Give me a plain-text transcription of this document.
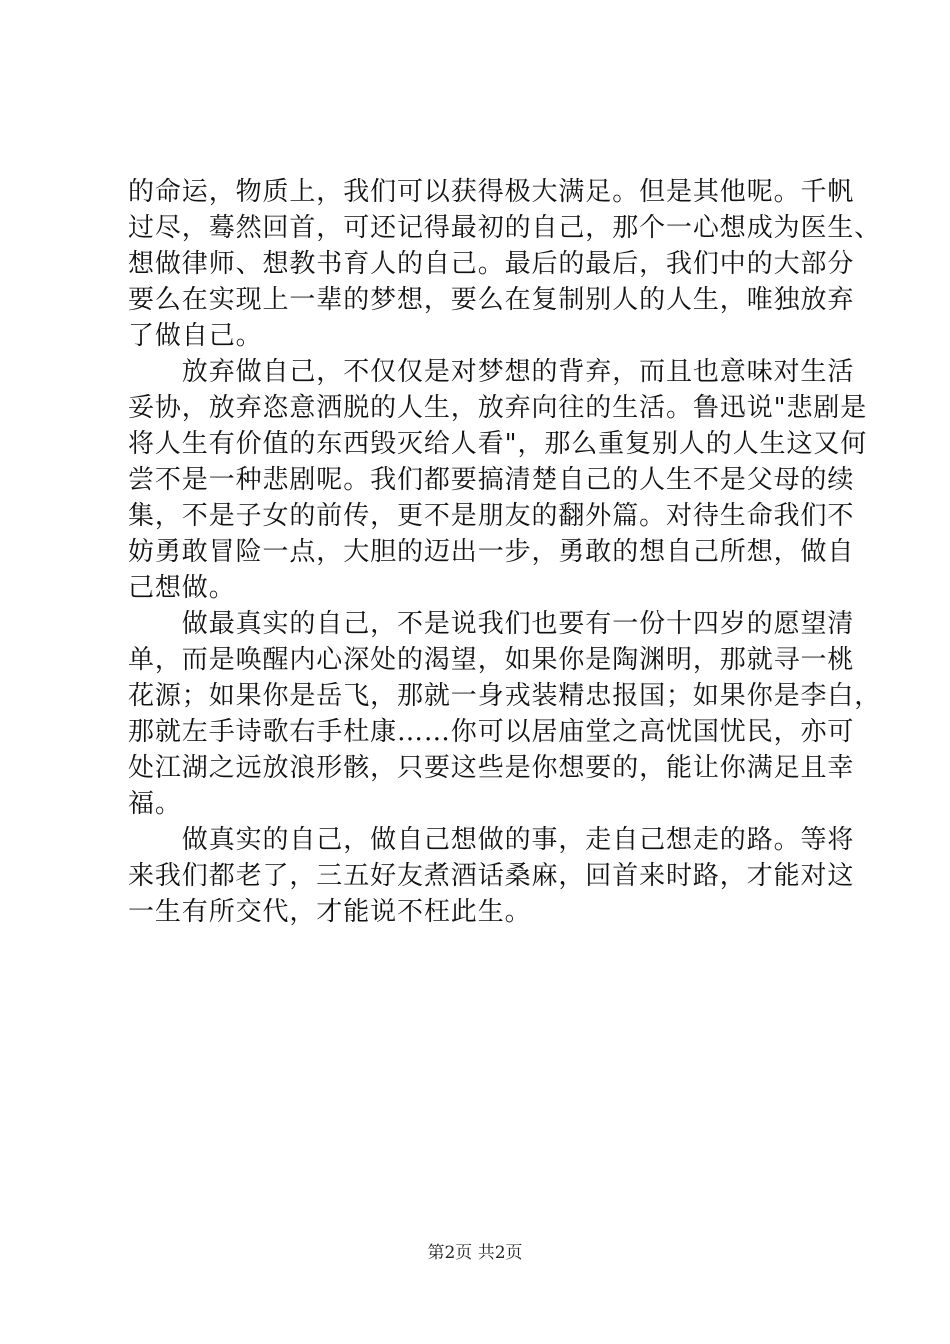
的命运，物质上，我们可以获得极大满足。但是其他呢。千帆
过尽，蓦然回首，可还记得最初的自己，那个一心想成为医生、
想做律师、想教书育人的自己。最后的最后，我们中的大部分
要么在实现上一辈的梦想，要么在复制别人的人生，唯独放弃
了做自己。
　　放弃做自己，不仅仅是对梦想的背弃，而且也意味对生活
妥协，放弃恣意洒脱的人生，放弃向往的生活。鲁迅说"悲剧是
将人生有价值的东西毁灭给人看"，那么重复别人的人生这又何
尝不是一种悲剧呢。我们都要搞清楚自己的人生不是父母的续
集，不是子女的前传，更不是朋友的翻外篇。对待生命我们不
妨勇敢冒险一点，大胆的迈出一步，勇敢的想自己所想，做自
己想做。
　　做最真实的自己，不是说我们也要有一份十四岁的愿望清
单，而是唤醒内心深处的渴望，如果你是陶渊明，那就寻一桃
花源；如果你是岳飞，那就一身戎装精忠报国；如果你是李白，
那就左手诗歌右手杜康……你可以居庙堂之高忧国忧民，亦可
处江湖之远放浪形骸，只要这些是你想要的，能让你满足且幸
福。
　　做真实的自己，做自己想做的事，走自己想走的路。等将
来我们都老了，三五好友煮酒话桑麻，回首来时路，才能对这
一生有所交代，才能说不枉此生。
第2页 共2页
